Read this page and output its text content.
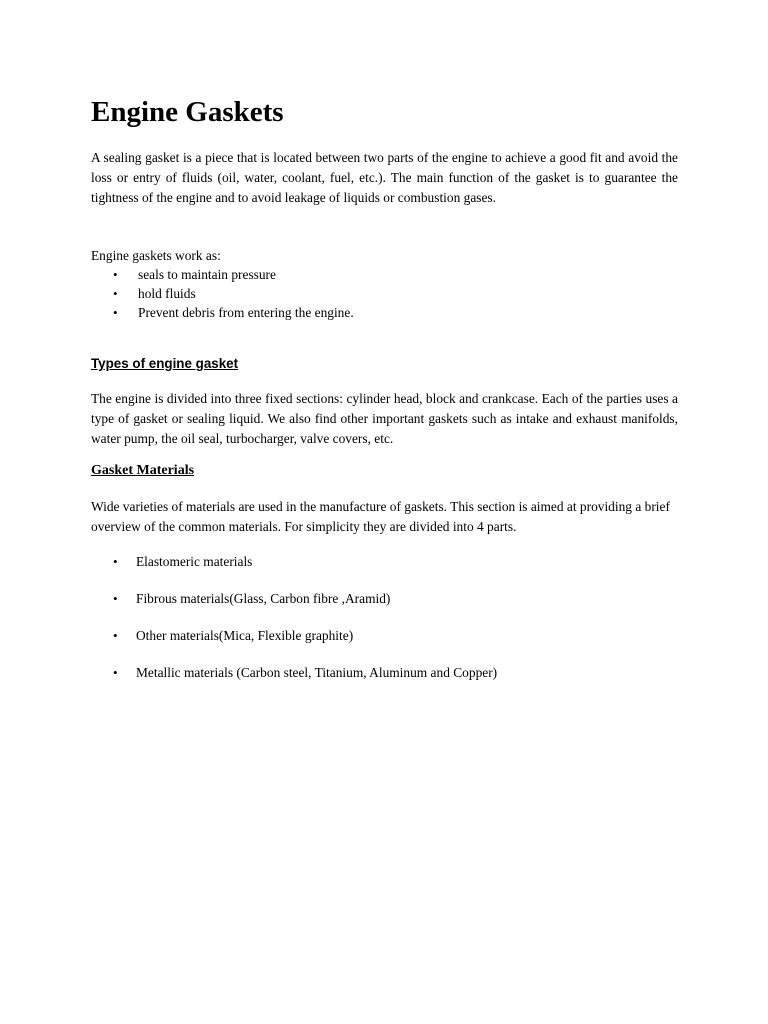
Engine Gaskets

A sealing gasket is a piece that is located between two parts of the engine to achieve a good fit and avoid the loss or entry of fluids (oil, water, coolant, fuel, etc.). The main function of the gasket is to guarantee the tightness of the engine and to avoid leakage of liquids or combustion gases.

Engine gaskets work as:

• seals to maintain pressure
• hold fluids
• Prevent debris from entering the engine.
Types of engine gasket

The engine is divided into three fixed sections: cylinder head, block and crankcase. Each of the parties uses a type of gasket or sealing liquid. We also find other important gaskets such as intake and exhaust manifolds, water pump, the oil seal, turbocharger, valve covers, etc.

Gasket Materials

Wide varieties of materials are used in the manufacture of gaskets. This section is aimed at providing a brief overview of the common materials. For simplicity they are divided into 4 parts.

• Elastomeric materials
• Fibrous materials(Glass, Carbon fibre ,Aramid)
• Other materials(Mica, Flexible graphite)
• Metallic materials (Carbon steel, Titanium, Aluminum and Copper)
